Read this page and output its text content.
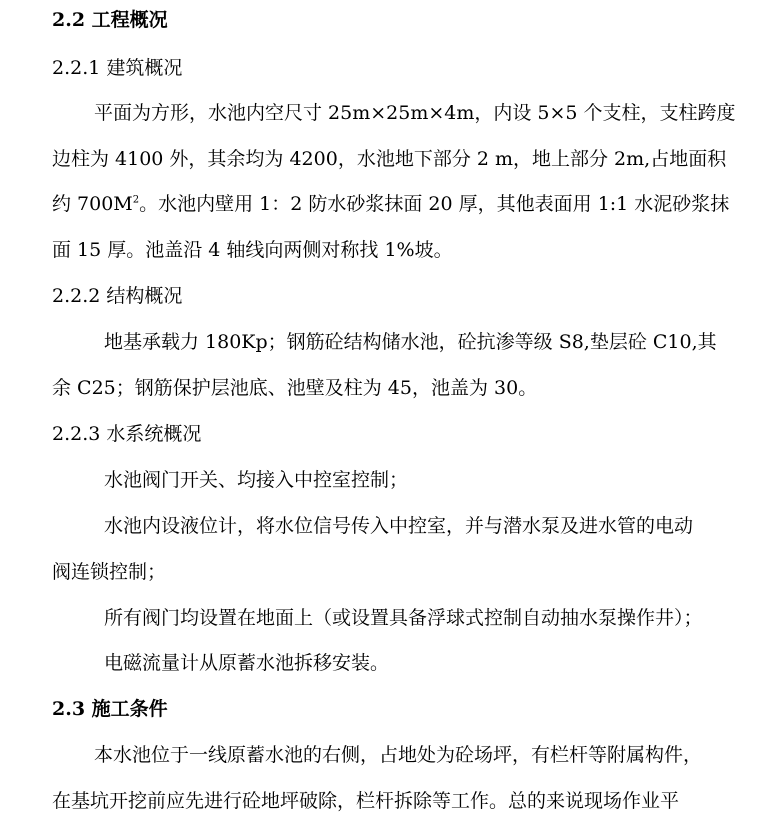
2.2 工程概况
2.2.1 建筑概况
平面为方形，水池内空尺寸 25m×25m×4m，内设 5×5 个支柱，支柱跨度
边柱为 4100 外，其余均为 4200，水池地下部分 2 m，地上部分 2m,占地面积
约 $700M^2$。水池内壁用 1：2 防水砂浆抹面 20 厚，其他表面用 1:1 水泥砂浆抹
面 15 厚。池盖沿 4 轴线向两侧对称找 1%坡。
2.2.2 结构概况
地基承载力 180Kp；钢筋砼结构储水池，砼抗渗等级 S8,垫层砼 C10,其
余 C25；钢筋保护层池底、池壁及柱为 45，池盖为 30。
2.2.3 水系统概况
水池阀门开关、均接入中控室控制；
水池内设液位计，将水位信号传入中控室，并与潜水泵及进水管的电动
阀连锁控制；
所有阀门均设置在地面上（或设置具备浮球式控制自动抽水泵操作井）；
电磁流量计从原蓄水池拆移安装。
2.3 施工条件
本水池位于一线原蓄水池的右侧，占地处为砼场坪，有栏杆等附属构件，
在基坑开挖前应先进行砼地坪破除，栏杆拆除等工作。总的来说现场作业平
